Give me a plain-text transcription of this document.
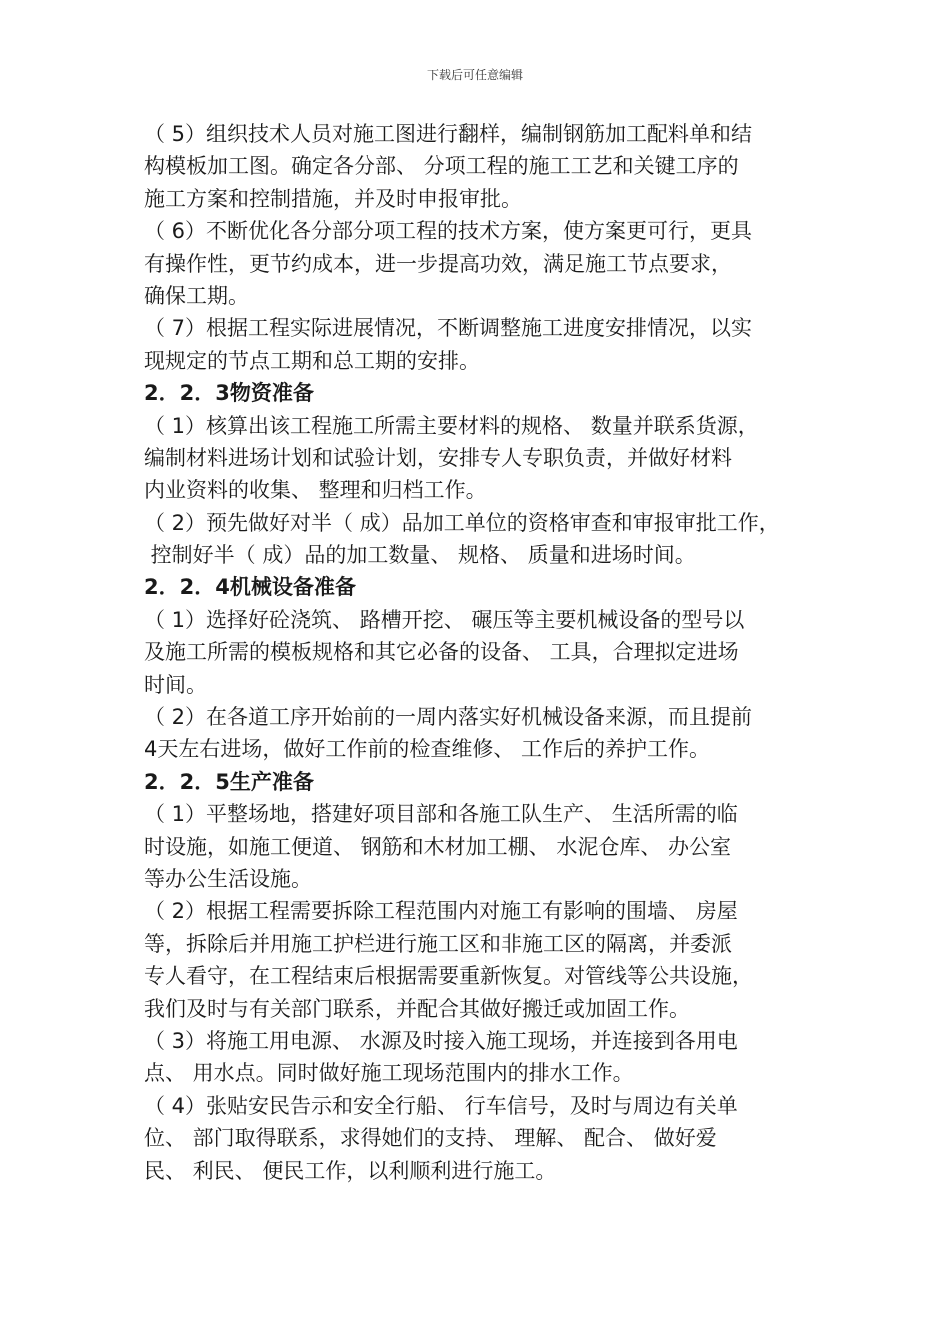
下载后可任意编辑
（ 5）组织技术人员对施工图进行翻样，编制钢筋加工配料单和结
构模板加工图。确定各分部、 分项工程的施工工艺和关键工序的
施工方案和控制措施，并及时申报审批。
（ 6）不断优化各分部分项工程的技术方案，使方案更可行，更具
有操作性，更节约成本，进一步提高功效，满足施工节点要求，
确保工期。
（ 7）根据工程实际进展情况，不断调整施工进度安排情况，以实
现规定的节点工期和总工期的安排。
2．2．3物资准备
（ 1）核算出该工程施工所需主要材料的规格、 数量并联系货源，
编制材料进场计划和试验计划，安排专人专职负责，并做好材料
内业资料的收集、 整理和归档工作。
（ 2）预先做好对半（ 成）品加工单位的资格审查和审报审批工作，
控制好半（ 成）品的加工数量、 规格、 质量和进场时间。
2．2．4机械设备准备
（ 1）选择好砼浇筑、 路槽开挖、 碾压等主要机械设备的型号以
及施工所需的模板规格和其它必备的设备、 工具，合理拟定进场
时间。
（ 2）在各道工序开始前的一周内落实好机械设备来源，而且提前
4天左右进场，做好工作前的检查维修、 工作后的养护工作。
2．2．5生产准备
（ 1）平整场地，搭建好项目部和各施工队生产、 生活所需的临
时设施，如施工便道、 钢筋和木材加工棚、 水泥仓库、 办公室
等办公生活设施。
（ 2）根据工程需要拆除工程范围内对施工有影响的围墙、 房屋
等，拆除后并用施工护栏进行施工区和非施工区的隔离，并委派
专人看守，在工程结束后根据需要重新恢复。对管线等公共设施，
我们及时与有关部门联系，并配合其做好搬迁或加固工作。
（ 3）将施工用电源、 水源及时接入施工现场，并连接到各用电
点、 用水点。同时做好施工现场范围内的排水工作。
（ 4）张贴安民告示和安全行船、 行车信号，及时与周边有关单
位、 部门取得联系，求得她们的支持、 理解、 配合、 做好爱
民、 利民、 便民工作，以利顺利进行施工。
